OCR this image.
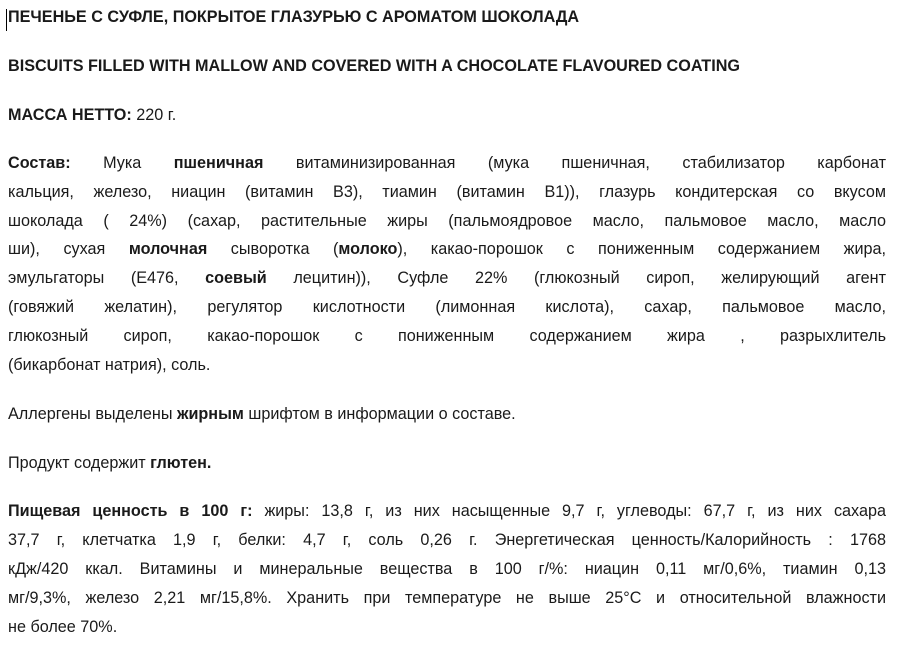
ПЕЧЕНЬЕ С СУФЛЕ, ПОКРЫТОЕ ГЛАЗУРЬЮ С АРОМАТОМ ШОКОЛАДА
BISCUITS FILLED WITH MALLOW AND COVERED WITH A CHOCOLATE FLAVOURED COATING
МАССА НЕТТО: 220 г.
Состав: Мука пшеничная витаминизированная (мука пшеничная, стабилизатор карбонат
кальция, железо, ниацин (витамин В3), тиамин (витамин В1)), глазурь кондитерская со вкусом
шоколада ( 24%) (сахар, растительные жиры (пальмоядровое масло, пальмовое масло, масло
ши), сухая молочная сыворотка (молоко), какао-порошок с пониженным содержанием жира,
эмульгаторы (Е476, соевый лецитин)), Суфле 22% (глюкозный сироп, желирующий агент
(говяжий желатин), регулятор кислотности (лимонная кислота), сахар, пальмовое масло,
глюкозный сироп, какао-порошок с пониженным содержанием жира , разрыхлитель
(бикарбонат натрия), соль.
Аллергены выделены жирным шрифтом в информации о составе.
Продукт содержит глютен.
Пищевая ценность в 100 г: жиры: 13,8 г, из них насыщенные 9,7 г, углеводы: 67,7 г, из них сахара
37,7 г, клетчатка 1,9 г, белки: 4,7 г, соль 0,26 г. Энергетическая ценность/Калорийность : 1768
кДж/420 ккал. Витамины и минеральные вещества в 100 г/%: ниацин 0,11 мг/0,6%, тиамин 0,13
мг/9,3%, железо 2,21 мг/15,8%. Хранить при температуре не выше 25°С и относительной влажности
не более 70%.
